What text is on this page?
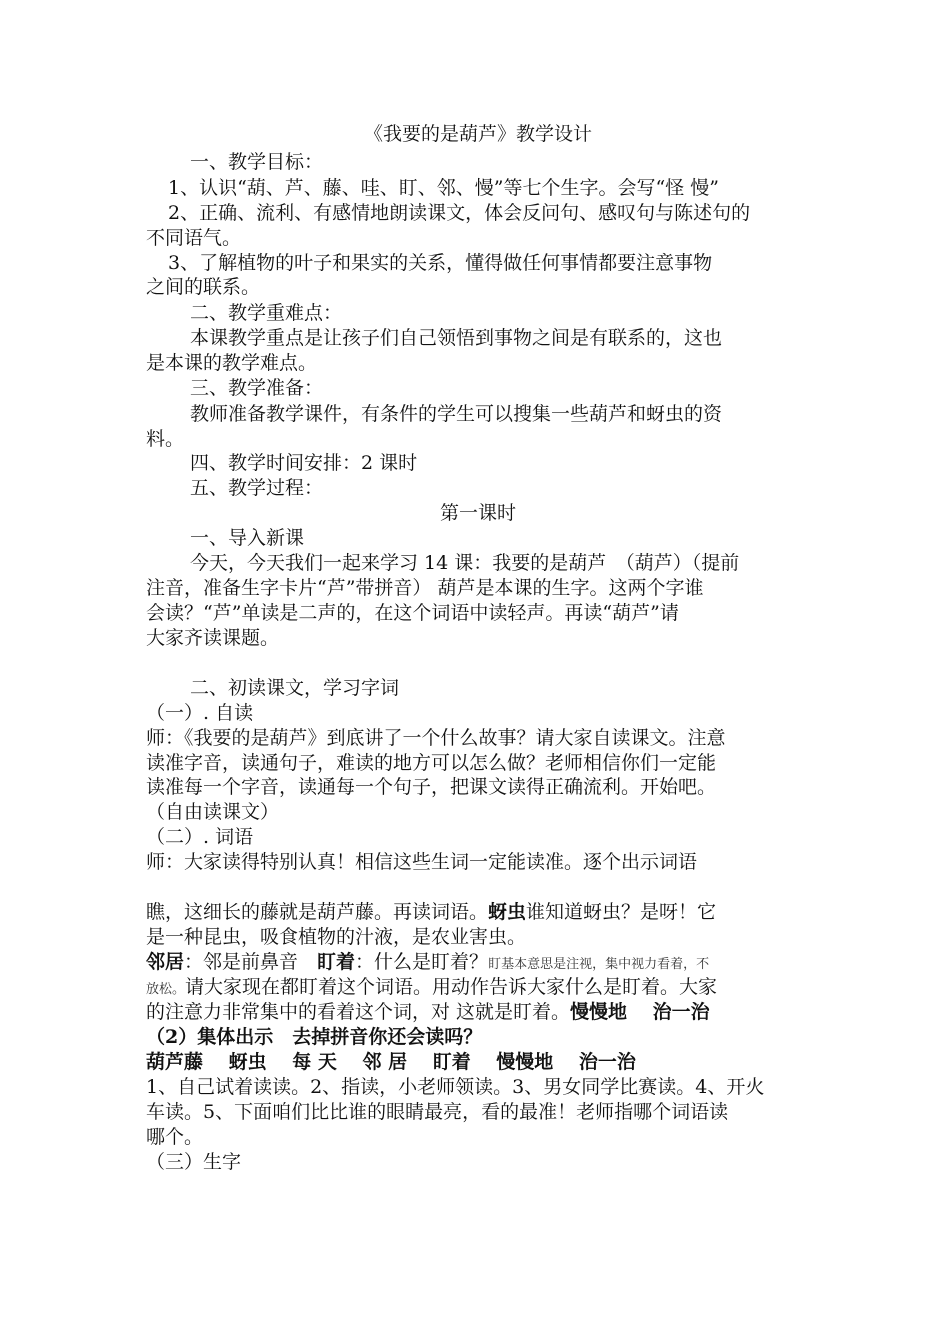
《我要的是葫芦》教学设计
一、教学目标：
1、认识“葫、芦、藤、哇、盯、邻、慢”等七个生字。会写“怪 慢”
2、正确、流利、有感情地朗读课文，体会反问句、感叹句与陈述句的
不同语气。
3、了解植物的叶子和果实的关系，懂得做任何事情都要注意事物
之间的联系。
二、教学重难点：
本课教学重点是让孩子们自己领悟到事物之间是有联系的，这也
是本课的教学难点。
三、教学准备：
教师准备教学课件，有条件的学生可以搜集一些葫芦和蚜虫的资
料。
四、教学时间安排：2 课时
五、教学过程：
第一课时
一、导入新课
今天，今天我们一起来学习 14 课：我要的是葫芦　（葫芦）（提前
注音，准备生字卡片“芦”带拼音） 葫芦是本课的生字。这两个字谁
会读？“芦”单读是二声的，在这个词语中读轻声。再读“葫芦”请
大家齐读课题。
二、初读课文，学习字词
（一）. 自读
师：《我要的是葫芦》到底讲了一个什么故事？请大家自读课文。注意
读准字音，读通句子，难读的地方可以怎么做？老师相信你们一定能
读准每一个字音，读通每一个句子，把课文读得正确流利。开始吧。
（自由读课文）
（二）. 词语
师：大家读得特别认真！相信这些生词一定能读准。逐个出示词语
瞧，这细长的藤就是葫芦藤。再读词语。蚜虫谁知道蚜虫？是呀！它
是一种昆虫，吸食植物的汁液，是农业害虫。
邻居：邻是前鼻音　盯着：什么是盯着？盯基本意思是注视，集中视力看着，不
放松。请大家现在都盯着这个词语。用动作告诉大家什么是盯着。大家
的注意力非常集中的看着这个词，对 这就是盯着。慢慢地　 治一治
（2）集体出示　去掉拼音你还会读吗？
葫芦藤　 蚜虫　 每 天　 邻 居　 盯着　 慢慢地　 治一治
1、自己试着读读。2、指读，小老师领读。3、男女同学比赛读。4、开火
车读。5、下面咱们比比谁的眼睛最亮，看的最准！老师指哪个词语读
哪个。
（三）生字
